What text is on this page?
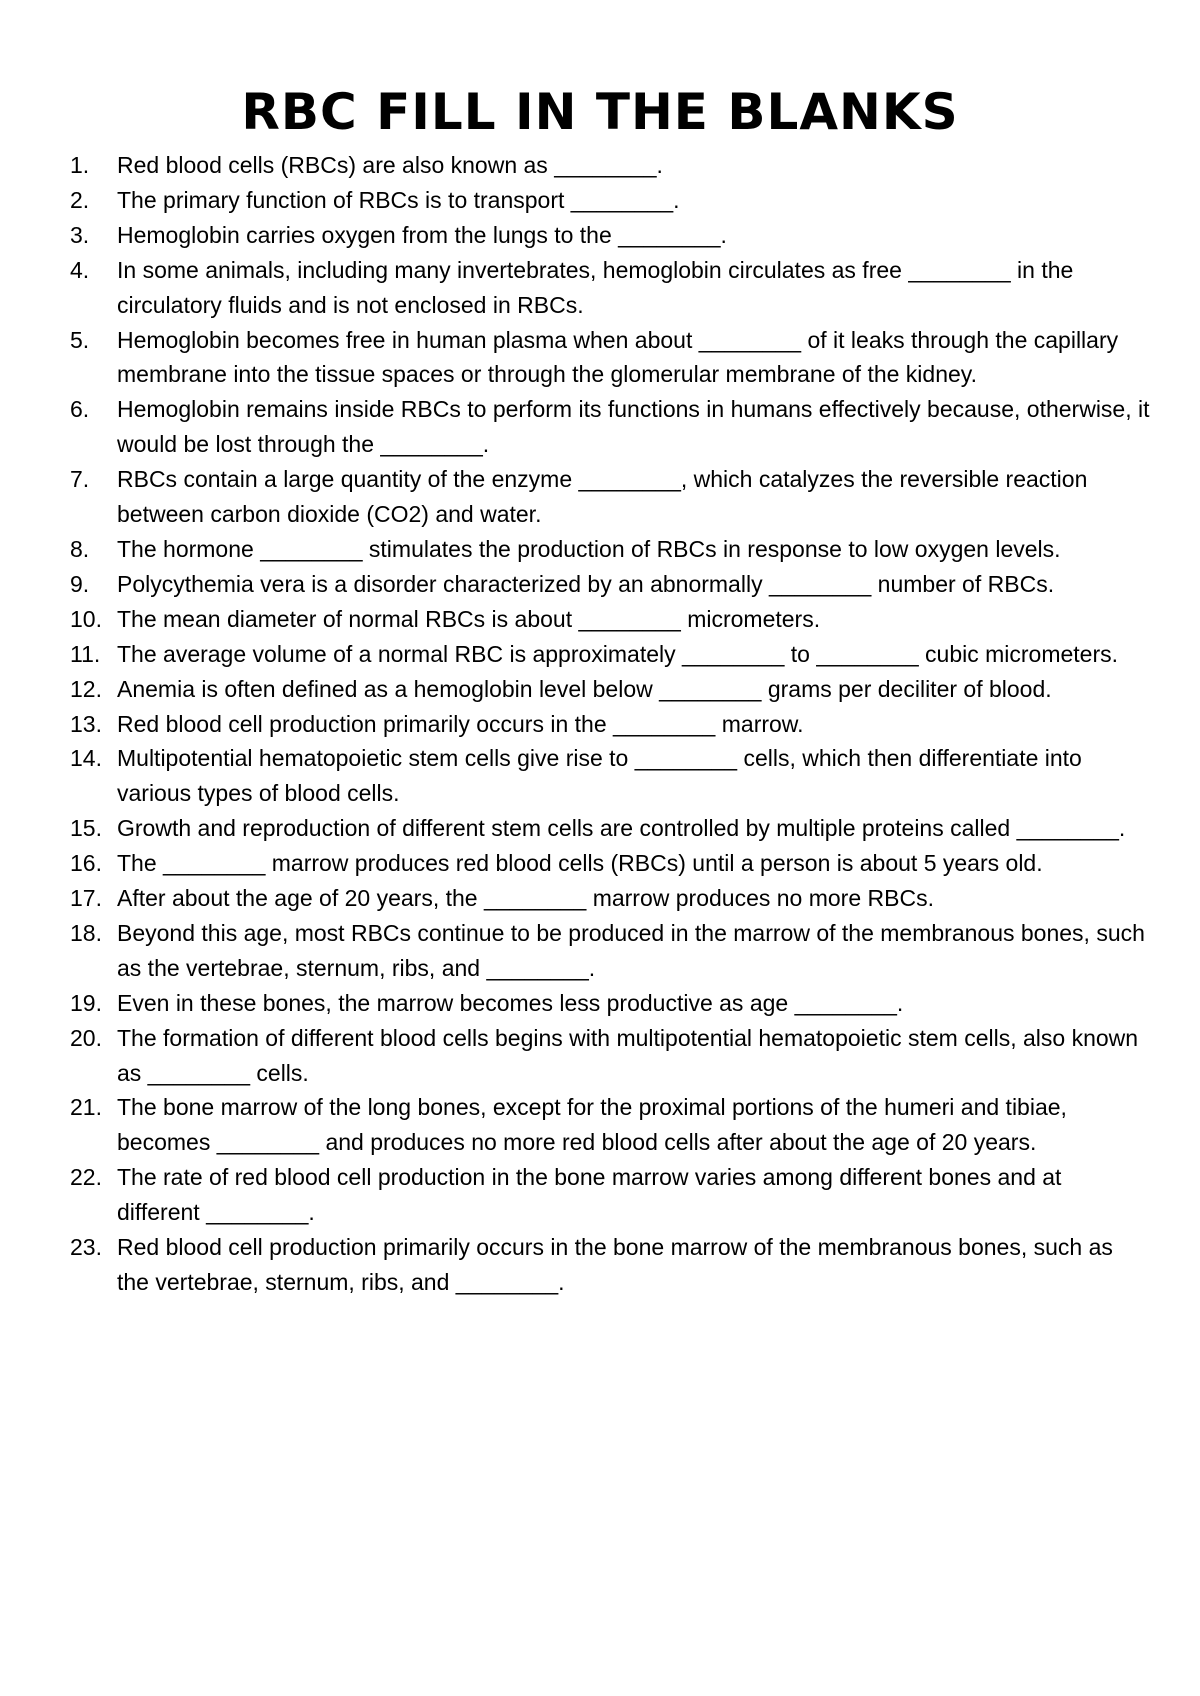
RBC FILL IN THE BLANKS
1.	Red blood cells (RBCs) are also known as ________.
2.	The primary function of RBCs is to transport ________.
3.	Hemoglobin carries oxygen from the lungs to the ________.
4.	In some animals, including many invertebrates, hemoglobin circulates as free ________ in the circulatory fluids and is not enclosed in RBCs.
5.	Hemoglobin becomes free in human plasma when about ________ of it leaks through the capillary membrane into the tissue spaces or through the glomerular membrane of the kidney.
6.	Hemoglobin remains inside RBCs to perform its functions in humans effectively because, otherwise, it would be lost through the ________.
7.	RBCs contain a large quantity of the enzyme ________, which catalyzes the reversible reaction between carbon dioxide (CO2) and water.
8.	The hormone ________ stimulates the production of RBCs in response to low oxygen levels.
9.	Polycythemia vera is a disorder characterized by an abnormally ________ number of RBCs.
10. The mean diameter of normal RBCs is about ________ micrometers.
11. The average volume of a normal RBC is approximately ________ to ________ cubic micrometers.
12. Anemia is often defined as a hemoglobin level below ________ grams per deciliter of blood.
13. Red blood cell production primarily occurs in the ________ marrow.
14. Multipotential hematopoietic stem cells give rise to ________ cells, which then differentiate into various types of blood cells.
15. Growth and reproduction of different stem cells are controlled by multiple proteins called ________.
16. The ________ marrow produces red blood cells (RBCs) until a person is about 5 years old.
17. After about the age of 20 years, the ________ marrow produces no more RBCs.
18. Beyond this age, most RBCs continue to be produced in the marrow of the membranous bones, such as the vertebrae, sternum, ribs, and ________.
19. Even in these bones, the marrow becomes less productive as age ________.
20. The formation of different blood cells begins with multipotential hematopoietic stem cells, also known as ________ cells.
21. The bone marrow of the long bones, except for the proximal portions of the humeri and tibiae, becomes ________ and produces no more red blood cells after about the age of 20 years.
22. The rate of red blood cell production in the bone marrow varies among different bones and at different ________.
23. Red blood cell production primarily occurs in the bone marrow of the membranous bones, such as the vertebrae, sternum, ribs, and ________.
